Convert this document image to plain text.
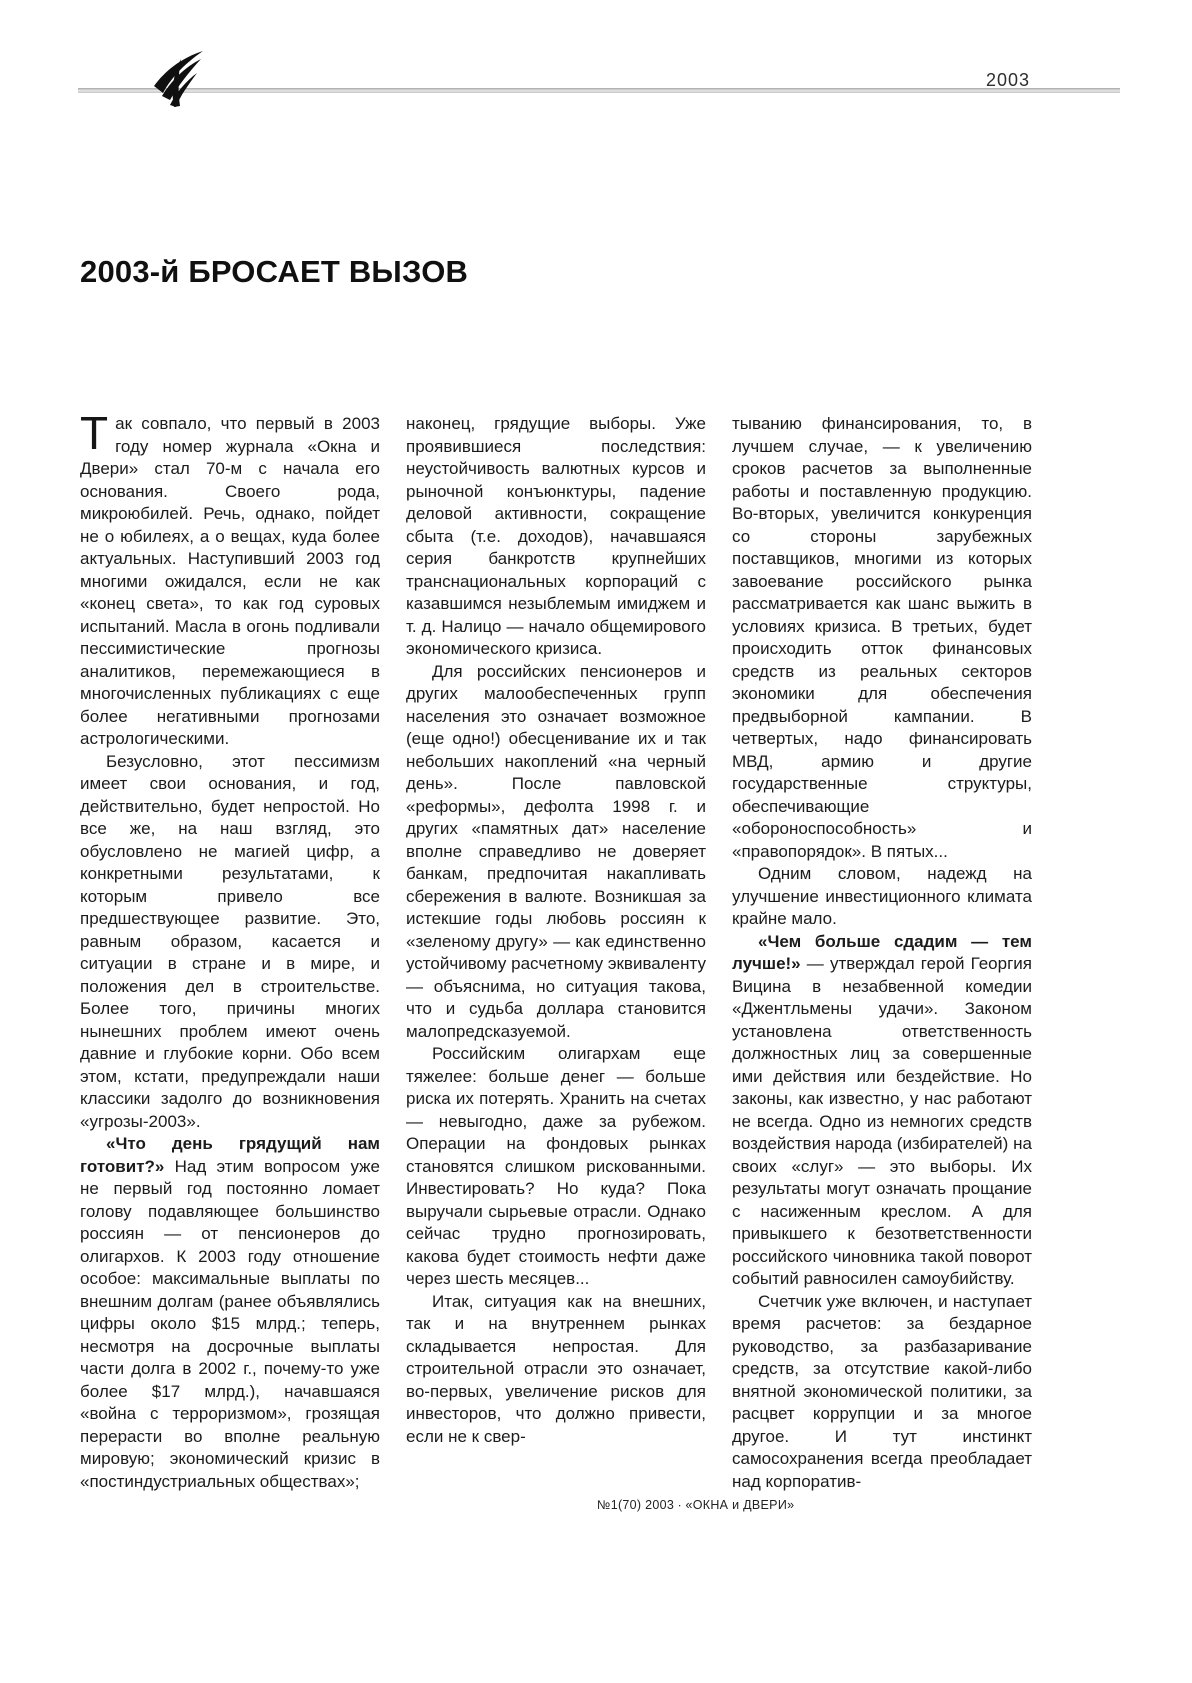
2003
2003-й БРОСАЕТ ВЫЗОВ

Так совпало, что первый в 2003 году номер журнала «Окна и Двери» стал 70-м с начала его основания. Своего рода, микроюбилей. Речь, однако, пойдет не о юбилеях, а о вещах, куда более актуальных. Наступивший 2003 год многими ожидался, если не как «конец света», то как год суровых испытаний. Масла в огонь подливали пессимистические прогнозы аналитиков, перемежающиеся в многочисленных публикациях с еще более негативными прогнозами астрологическими.

Безусловно, этот пессимизм имеет свои основания, и год, действительно, будет непростой. Но все же, на наш взгляд, это обусловлено не магией цифр, а конкретными результатами, к которым привело все предшествующее развитие. Это, равным образом, касается и ситуации в стране и в мире, и положения дел в строительстве. Более того, причины многих нынешних проблем имеют очень давние и глубокие корни. Обо всем этом, кстати, предупреждали наши классики задолго до возникновения «угрозы-2003».

«Что день грядущий нам готовит?» Над этим вопросом уже не первый год постоянно ломает голову подавляющее большинство россиян — от пенсионеров до олигархов. К 2003 году отношение особое: максимальные выплаты по внешним долгам (ранее объявлялись цифры около $15 млрд.; теперь, несмотря на досрочные выплаты части долга в 2002 г., почему-то уже более $17 млрд.), начавшаяся «война с терроризмом», грозящая перерасти во вполне реальную мировую; экономический кризис в «постиндустриальных обществах»;

наконец, грядущие выборы. Уже проявившиеся последствия: неустойчивость валютных курсов и рыночной конъюнктуры, падение деловой активности, сокращение сбыта (т.е. доходов), начавшаяся серия банкротств крупнейших транснациональных корпораций с казавшимся незыблемым имиджем и т. д. Налицо — начало общемирового экономического кризиса.

Для российских пенсионеров и других малообеспеченных групп населения это означает возможное (еще одно!) обесценивание их и так небольших накоплений «на черный день». После павловской «реформы», дефолта 1998 г. и других «памятных дат» население вполне справедливо не доверяет банкам, предпочитая накапливать сбережения в валюте. Возникшая за истекшие годы любовь россиян к «зеленому другу» — как единственно устойчивому расчетному эквиваленту — объяснима, но ситуация такова, что и судьба доллара становится малопредсказуемой.

Российским олигархам еще тяжелее: больше денег — больше риска их потерять. Хранить на счетах — невыгодно, даже за рубежом. Операции на фондовых рынках становятся слишком рискованными. Инвестировать? Но куда? Пока выручали сырьевые отрасли. Однако сейчас трудно прогнозировать, какова будет стоимость нефти даже через шесть месяцев...

Итак, ситуация как на внешних, так и на внутреннем рынках складывается непростая. Для строительной отрасли это означает, во-первых, увеличение рисков для инвесторов, что должно привести, если не к свер-

тыванию финансирования, то, в лучшем случае, — к увеличению сроков расчетов за выполненные работы и поставленную продукцию. Во-вторых, увеличится конкуренция со стороны зарубежных поставщиков, многими из которых завоевание российского рынка рассматривается как шанс выжить в условиях кризиса. В третьих, будет происходить отток финансовых средств из реальных секторов экономики для обеспечения предвыборной кампании. В четвертых, надо финансировать МВД, армию и другие государственные структуры, обеспечивающие «обороноспособность» и «правопорядок». В пятых...

Одним словом, надежд на улучшение инвестиционного климата крайне мало.

«Чем больше сдадим — тем лучше!» — утверждал герой Георгия Вицина в незабвенной комедии «Джентльмены удачи». Законом установлена ответственность должностных лиц за совершенные ими действия или бездействие. Но законы, как известно, у нас работают не всегда. Одно из немногих средств воздействия народа (избирателей) на своих «слуг» — это выборы. Их результаты могут означать прощание с насиженным креслом. А для привыкшего к безответственности российского чиновника такой поворот событий равносилен самоубийству.

Счетчик уже включен, и наступает время расчетов: за бездарное руководство, за разбазаривание средств, за отсутствие какой-либо внятной экономической политики, за расцвет коррупции и за многое другое. И тут инстинкт самосохранения всегда преобладает над корпоратив-

№1(70) 2003 ∙ «ОКНА и ДВЕРИ»
